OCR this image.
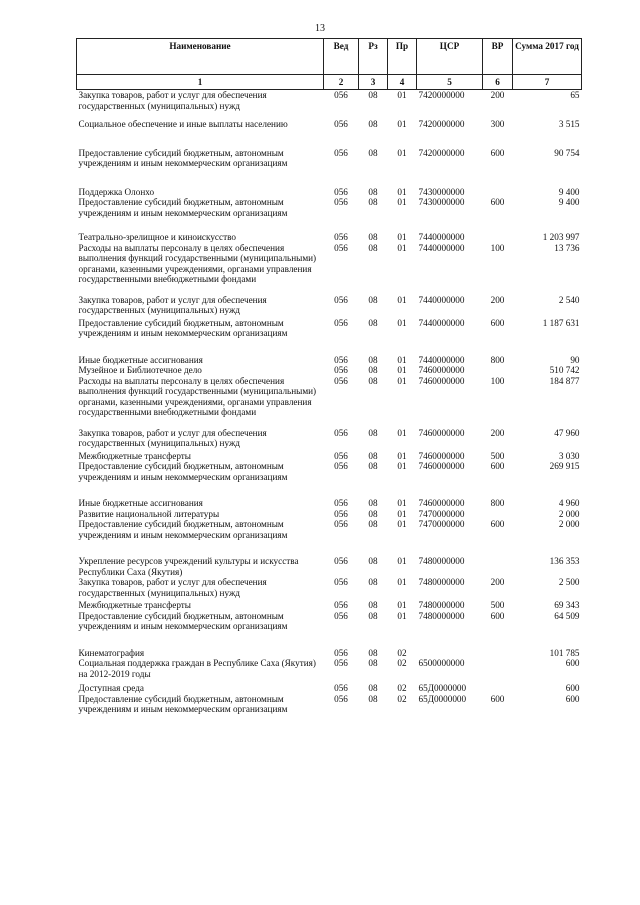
13
Наименование	Вед	Рз	Пр	ЦСР	ВР	Сумма 2017 год
1	2	3	4	5	6	7
Закупка товаров, работ и услуг для обеспечения государственных (муниципальных) нужд	056	08	01	7420000000	200	65
Социальное обеспечение и иные выплаты населению	056	08	01	7420000000	300	3 515
Предоставление субсидий бюджетным, автономным учреждениям и иным некоммерческим организациям	056	08	01	7420000000	600	90 754
Поддержка Олонхо	056	08	01	7430000000		9 400
Предоставление субсидий бюджетным, автономным учреждениям и иным некоммерческим организациям	056	08	01	7430000000	600	9 400
Театрально-зрелищное и киноискусство	056	08	01	7440000000		1 203 997
Расходы на выплаты персоналу в целях обеспечения выполнения функций государственными (муниципальными) органами, казенными учреждениями, органами управления государственными внебюджетными фондами	056	08	01	7440000000	100	13 736
Закупка товаров, работ и услуг для обеспечения государственных (муниципальных) нужд	056	08	01	7440000000	200	2 540
Предоставление субсидий бюджетным, автономным учреждениям и иным некоммерческим организациям	056	08	01	7440000000	600	1 187 631
Иные бюджетные ассигнования	056	08	01	7440000000	800	90
Музейное и Библиотечное дело	056	08	01	7460000000		510 742
Расходы на выплаты персоналу в целях обеспечения выполнения функций государственными (муниципальными) органами, казенными учреждениями, органами управления государственными внебюджетными фондами	056	08	01	7460000000	100	184 877
Закупка товаров, работ и услуг для обеспечения государственных (муниципальных) нужд	056	08	01	7460000000	200	47 960
Межбюджетные трансферты	056	08	01	7460000000	500	3 030
Предоставление субсидий бюджетным, автономным учреждениям и иным некоммерческим организациям	056	08	01	7460000000	600	269 915
Иные бюджетные ассигнования	056	08	01	7460000000	800	4 960
Развитие национальной литературы	056	08	01	7470000000		2 000
Предоставление субсидий бюджетным, автономным учреждениям и иным некоммерческим организациям	056	08	01	7470000000	600	2 000
Укрепление ресурсов учреждений культуры и искусства Республики Саха (Якутия)	056	08	01	7480000000		136 353
Закупка товаров, работ и услуг для обеспечения государственных (муниципальных) нужд	056	08	01	7480000000	200	2 500
Межбюджетные трансферты	056	08	01	7480000000	500	69 343
Предоставление субсидий бюджетным, автономным учреждениям и иным некоммерческим организациям	056	08	01	7480000000	600	64 509
Кинематография	056	08	02			101 785
Социальная поддержка граждан в Республике Саха (Якутия) на 2012-2019 годы	056	08	02	6500000000		600
Доступная среда	056	08	02	65Д0000000		600
Предоставление субсидий бюджетным, автономным учреждениям и иным некоммерческим организациям	056	08	02	65Д0000000	600	600
